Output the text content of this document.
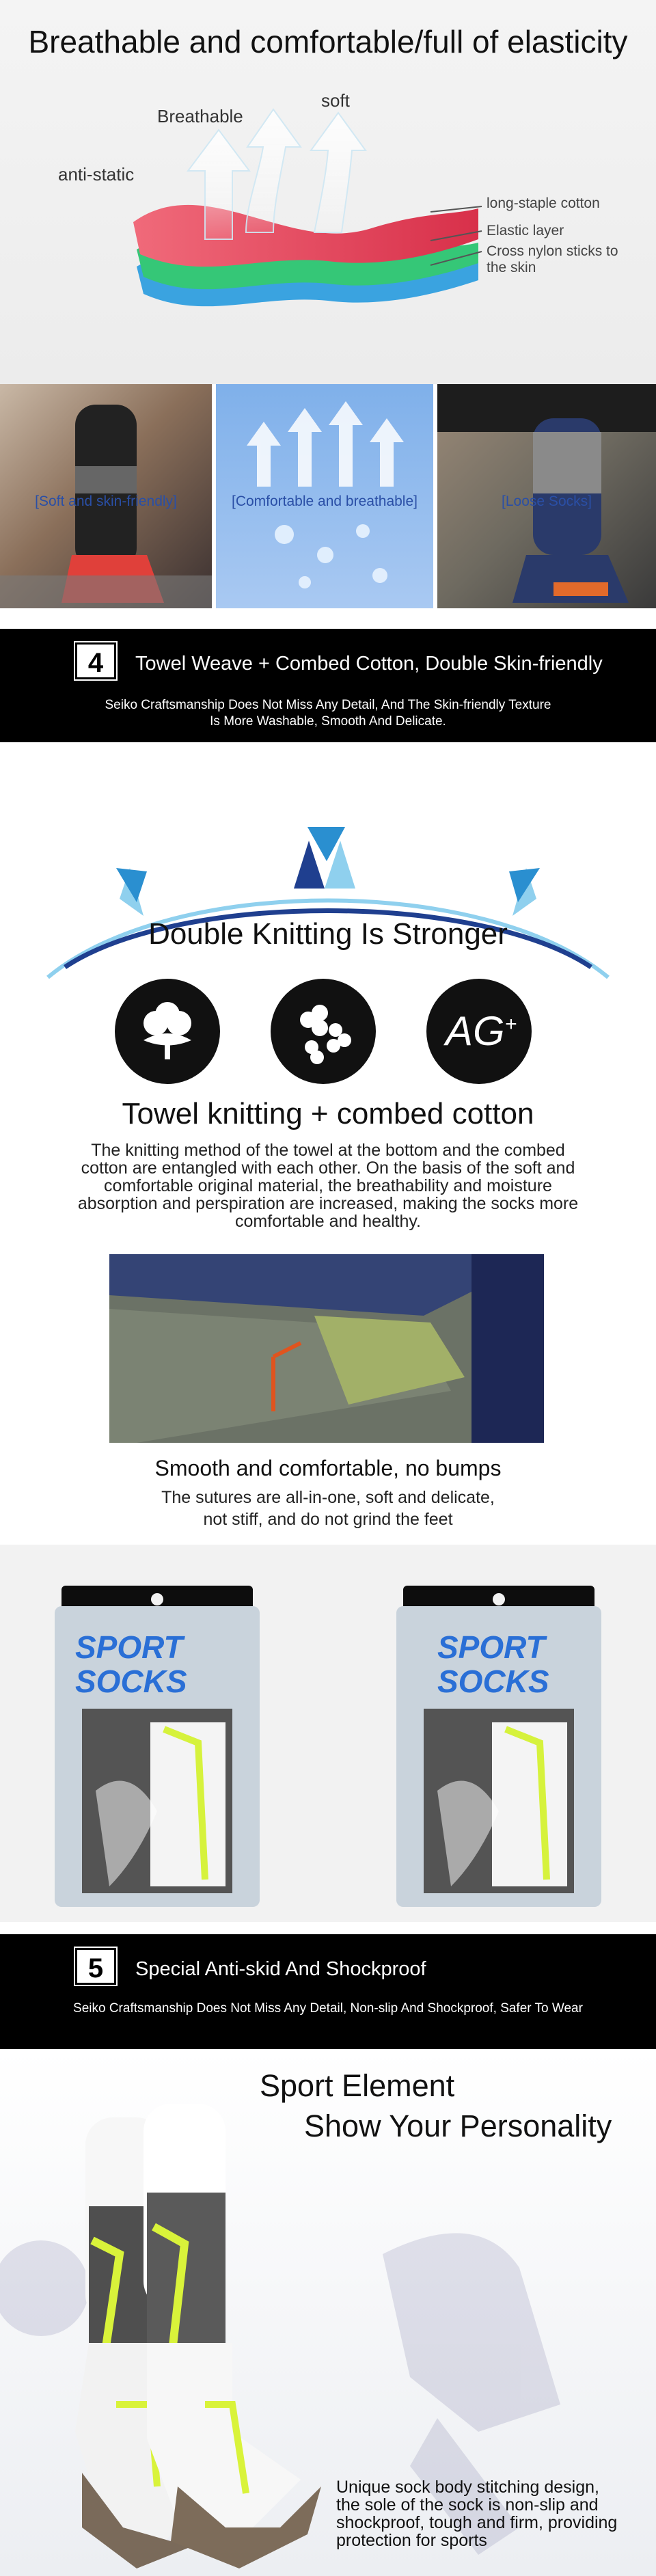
Breathable and comfortable/full of elasticity
Breathable
soft
anti-static
long-staple cotton
Elastic layer
Cross nylon sticks to the skin
[Soft and skin-friendly]	[Comfortable and breathable]	[Loose Socks]
4	Towel Weave + Combed Cotton, Double Skin-friendly
Seiko Craftsmanship Does Not Miss Any Detail, And The Skin-friendly Texture
Is More Washable, Smooth And Delicate.
Double Knitting Is Stronger
AG+
Towel knitting + combed cotton
The knitting method of the towel at the bottom and the combed
cotton are entangled with each other. On the basis of the soft and
comfortable original material, the breathability and moisture
absorption and perspiration are increased, making the socks more
comfortable and healthy.
Smooth and comfortable, no bumps
The sutures are all-in-one, soft and delicate,
not stiff, and do not grind the feet
SPORT
SOCKS
SPORT
SOCKS
5	Special Anti-skid And Shockproof
Seiko Craftsmanship Does Not Miss Any Detail, Non-slip And Shockproof, Safer To Wear
Sport Element
Show Your Personality
Unique sock body stitching design,
the sole of the sock is non-slip and
shockproof, tough and firm, providing
protection for sports
